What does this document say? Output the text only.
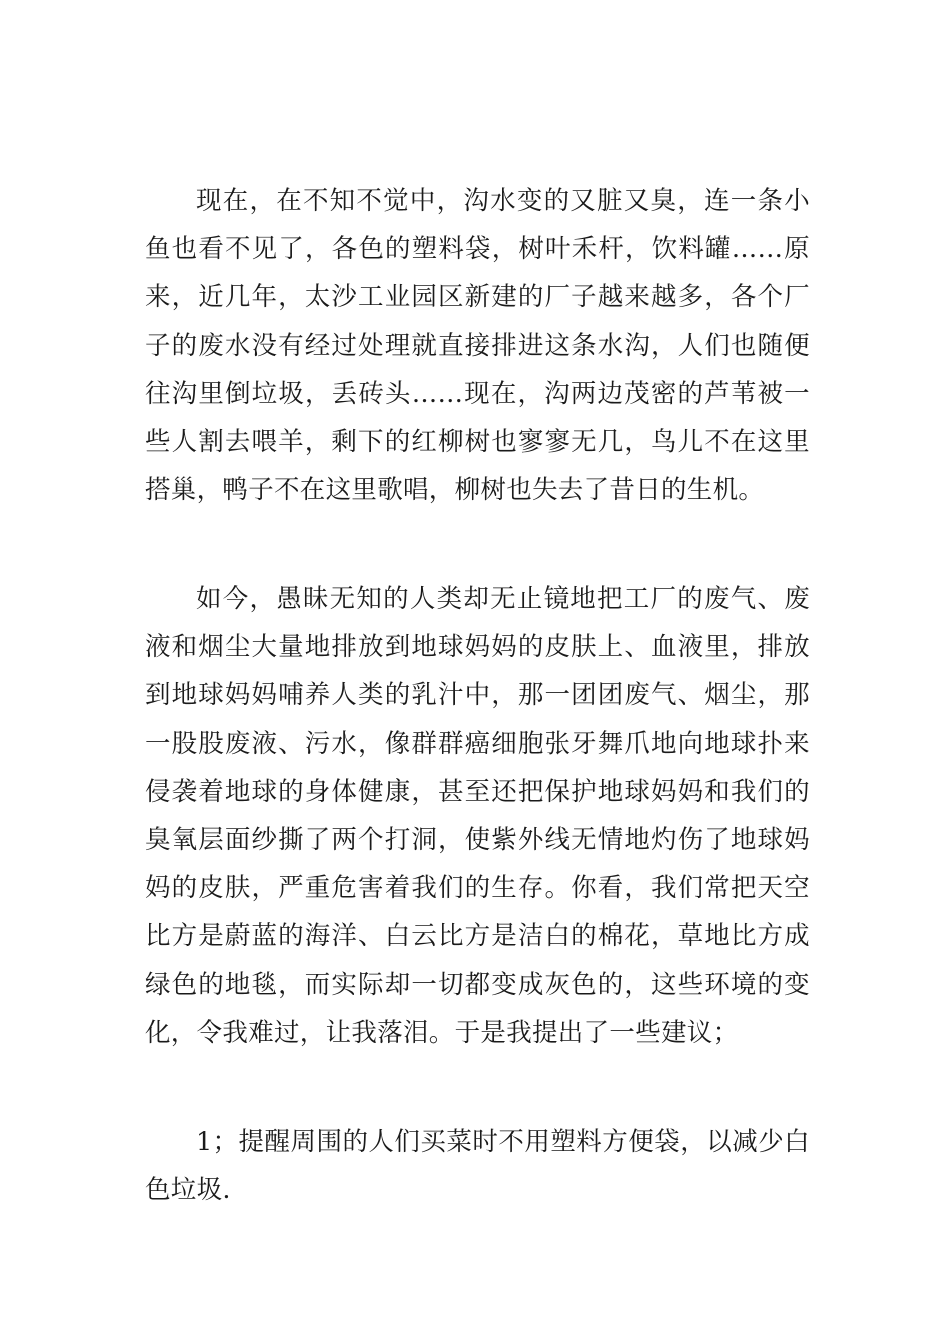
现在，在不知不觉中，沟水变的又脏又臭，连一条小鱼也看不见了，各色的塑料袋，树叶禾杆，饮料罐……原来，近几年，太沙工业园区新建的厂子越来越多，各个厂子的废水没有经过处理就直接排进这条水沟，人们也随便往沟里倒垃圾，丢砖头……现在，沟两边茂密的芦苇被一些人割去喂羊，剩下的红柳树也寥寥无几，鸟儿不在这里搭巢，鸭子不在这里歌唱，柳树也失去了昔日的生机。

如今，愚昧无知的人类却无止镜地把工厂的废气、废液和烟尘大量地排放到地球妈妈的皮肤上、血液里，排放到地球妈妈哺养人类的乳汁中，那一团团废气、烟尘，那一股股废液、污水，像群群癌细胞张牙舞爪地向地球扑来侵袭着地球的身体健康，甚至还把保护地球妈妈和我们的臭氧层面纱撕了两个打洞，使紫外线无情地灼伤了地球妈妈的皮肤，严重危害着我们的生存。你看，我们常把天空比方是蔚蓝的海洋、白云比方是洁白的棉花，草地比方成绿色的地毯，而实际却一切都变成灰色的，这些环境的变化，令我难过，让我落泪。于是我提出了一些建议；

1；提醒周围的人们买菜时不用塑料方便袋，以减少白色垃圾.
